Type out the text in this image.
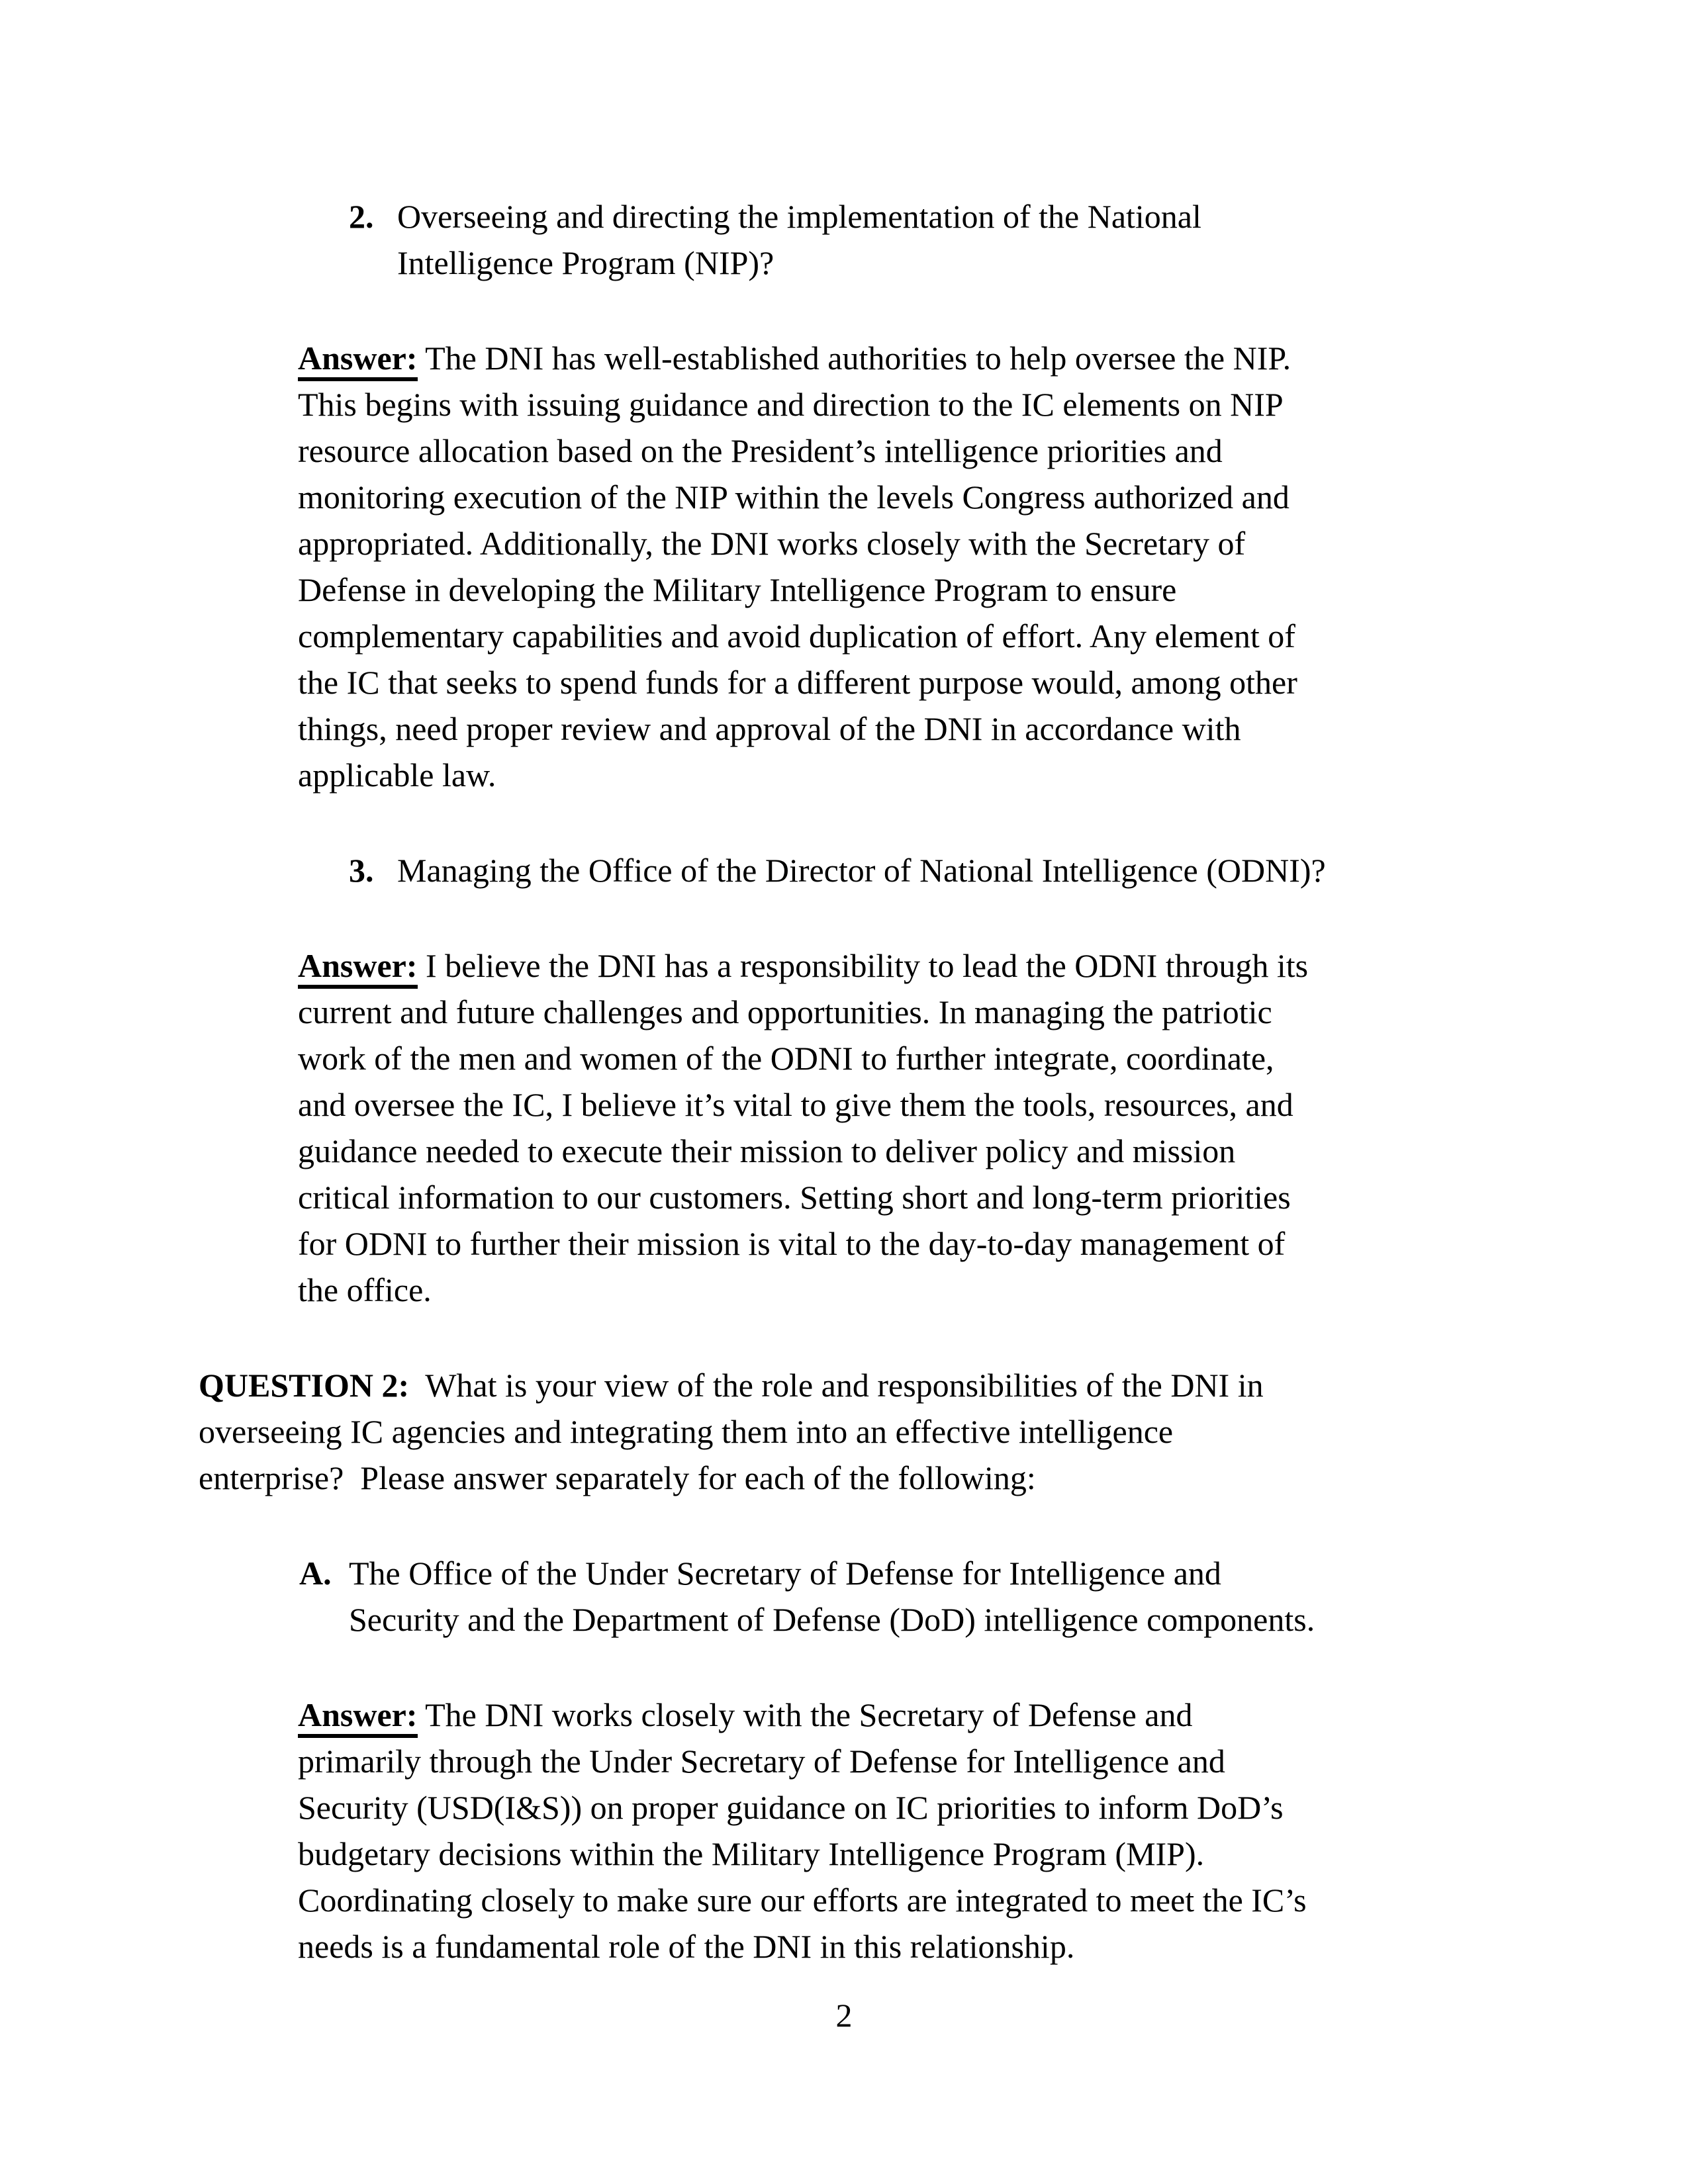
2. Overseeing and directing the implementation of the National
Intelligence Program (NIP)?
Answer: The DNI has well-established authorities to help oversee the NIP.
This begins with issuing guidance and direction to the IC elements on NIP
resource allocation based on the President’s intelligence priorities and
monitoring execution of the NIP within the levels Congress authorized and
appropriated. Additionally, the DNI works closely with the Secretary of
Defense in developing the Military Intelligence Program to ensure
complementary capabilities and avoid duplication of effort. Any element of
the IC that seeks to spend funds for a different purpose would, among other
things, need proper review and approval of the DNI in accordance with
applicable law.
3. Managing the Office of the Director of National Intelligence (ODNI)?
Answer: I believe the DNI has a responsibility to lead the ODNI through its
current and future challenges and opportunities. In managing the patriotic
work of the men and women of the ODNI to further integrate, coordinate,
and oversee the IC, I believe it’s vital to give them the tools, resources, and
guidance needed to execute their mission to deliver policy and mission
critical information to our customers. Setting short and long-term priorities
for ODNI to further their mission is vital to the day-to-day management of
the office.
QUESTION 2:  What is your view of the role and responsibilities of the DNI in
overseeing IC agencies and integrating them into an effective intelligence
enterprise?  Please answer separately for each of the following:
A. The Office of the Under Secretary of Defense for Intelligence and
Security and the Department of Defense (DoD) intelligence components.
Answer: The DNI works closely with the Secretary of Defense and
primarily through the Under Secretary of Defense for Intelligence and
Security (USD(I&S)) on proper guidance on IC priorities to inform DoD’s
budgetary decisions within the Military Intelligence Program (MIP).
Coordinating closely to make sure our efforts are integrated to meet the IC’s
needs is a fundamental role of the DNI in this relationship.
2
